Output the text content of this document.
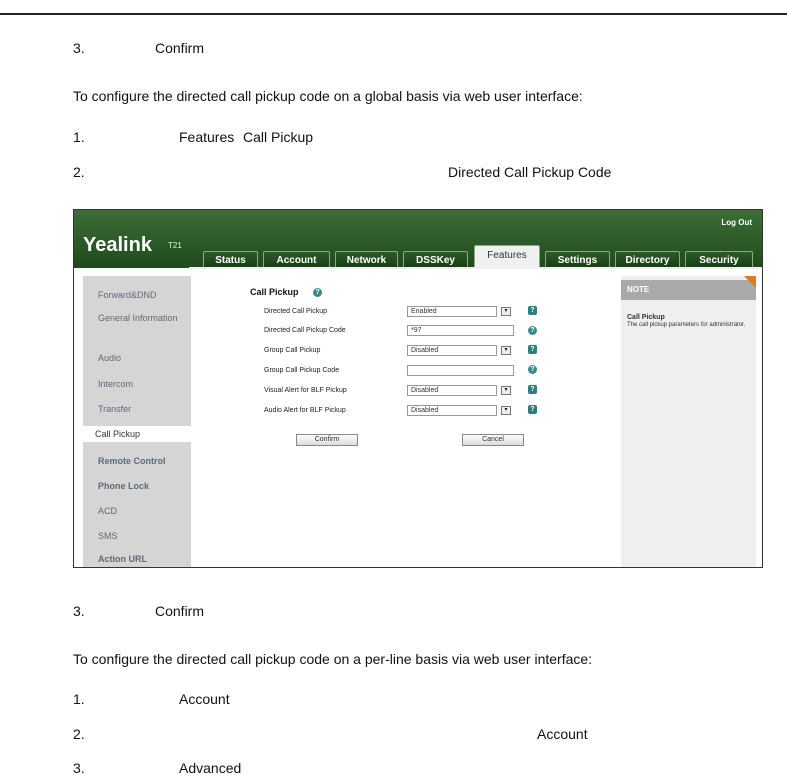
3.	Confirm
To configure the directed call pickup code on a global basis via web user interface:
1.	Features Call Pickup
2.	Directed Call Pickup Code
Yealink T21
Log Out
Status	Account	Network	DSSKey	Features	Settings	Directory	Security
Forward&DND
General Information
Audio
Intercom
Transfer
Call Pickup
Remote Control
Phone Lock
ACD
SMS
Action URL
Call Pickup	?
Directed Call Pickup	Enabled	▾	?
Directed Call Pickup Code	*97	?
Group Call Pickup	Disabled	▾	?
Group Call Pickup Code	?
Visual Alert for BLF Pickup	Disabled	▾	?
Audio Alert for BLF Pickup	Disabled	▾	?
Confirm	Cancel
NOTE
Call Pickup
The call pickup parameters for administrator.
3.	Confirm
To configure the directed call pickup code on a per-line basis via web user interface:
1.	Account
2.	Account
3.	Advanced
